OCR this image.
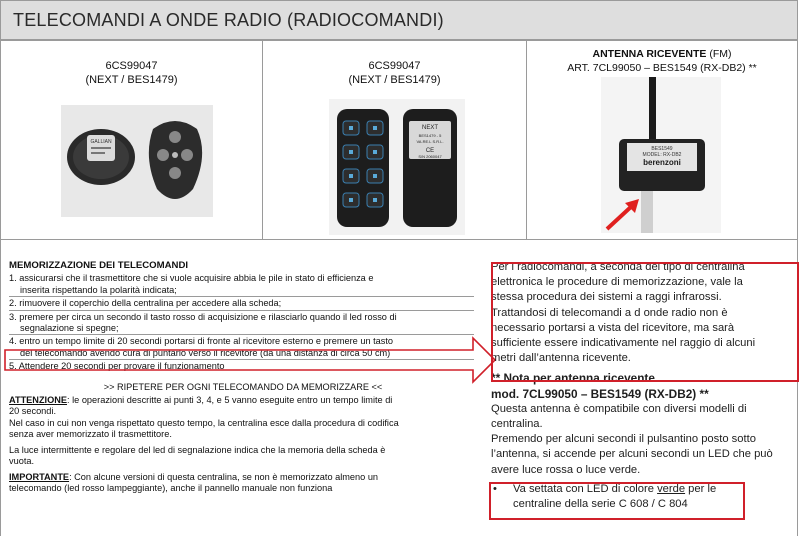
TELECOMANDI A ONDE RADIO (RADIOCOMANDI)
6CS99047
(NEXT / BES1479)
GALLIAN
6CS99047
(NEXT / BES1479)
NEXT
BES1479 - 5
VA.RE.L S.R.L.
CE
S/N 2060047
ANTENNA RICEVENTE (FM)
ART. 7CL99050 – BES1549 (RX-DB2) **
BES1549
MODEL: RX-DB2
berenzoni

MEMORIZZAZIONE DEI TELECOMANDI

1. assicurarsi che il trasmettitore che si vuole acquisire abbia le pile in stato di efficienza e

inserita rispettando la polarità indicata;

2. rimuovere il coperchio della centralina per accedere alla scheda;

3. premere per circa un secondo il tasto rosso di acquisizione e rilasciarlo quando il led rosso di

segnalazione si spegne;

4. entro un tempo limite di 20 secondi portarsi di fronte al ricevitore esterno e premere un tasto

del telecomando avendo cura di puntarlo verso il ricevitore (da una distanza di circa 50 cm)

5. Attendere 20 secondi per provare il funzionamento

>> RIPETERE PER OGNI TELECOMANDO DA MEMORIZZARE <<

ATTENZIONE: le operazioni descritte ai punti 3, 4, e 5 vanno eseguite entro un tempo limite di

20 secondi.

Nel caso in cui non venga rispettato questo tempo, la centralina esce dalla procedura di codifica

senza aver memorizzato il trasmettitore.

La luce intermittente e regolare del led di segnalazione indica che la memoria della scheda è

vuota.

IMPORTANTE: Con alcune versioni di questa centralina, se non è memorizzato almeno un

telecomando (led rosso lampeggiante), anche il pannello manuale non funziona

Per i radiocomandi, a seconda del tipo di centralina

elettronica le procedure di memorizzazione, vale la

stessa procedura dei sistemi a raggi infrarossi.

Trattandosi di telecomandi a d onde radio non è

necessario portarsi a vista del ricevitore, ma sarà

sufficiente essere indicativamente nel raggio di alcuni

metri dall’antenna ricevente.

** Nota per antenna ricevente

mod. 7CL99050 – BES1549 (RX-DB2) **

Questa antenna è compatibile con diversi modelli di

centralina.

Premendo per alcuni secondi il pulsantino posto sotto

l’antenna, si accende per alcuni secondi un LED che può

avere luce rossa o luce verde.

• Va settata con LED di colore verde per le

centraline della serie C 608 / C 804
